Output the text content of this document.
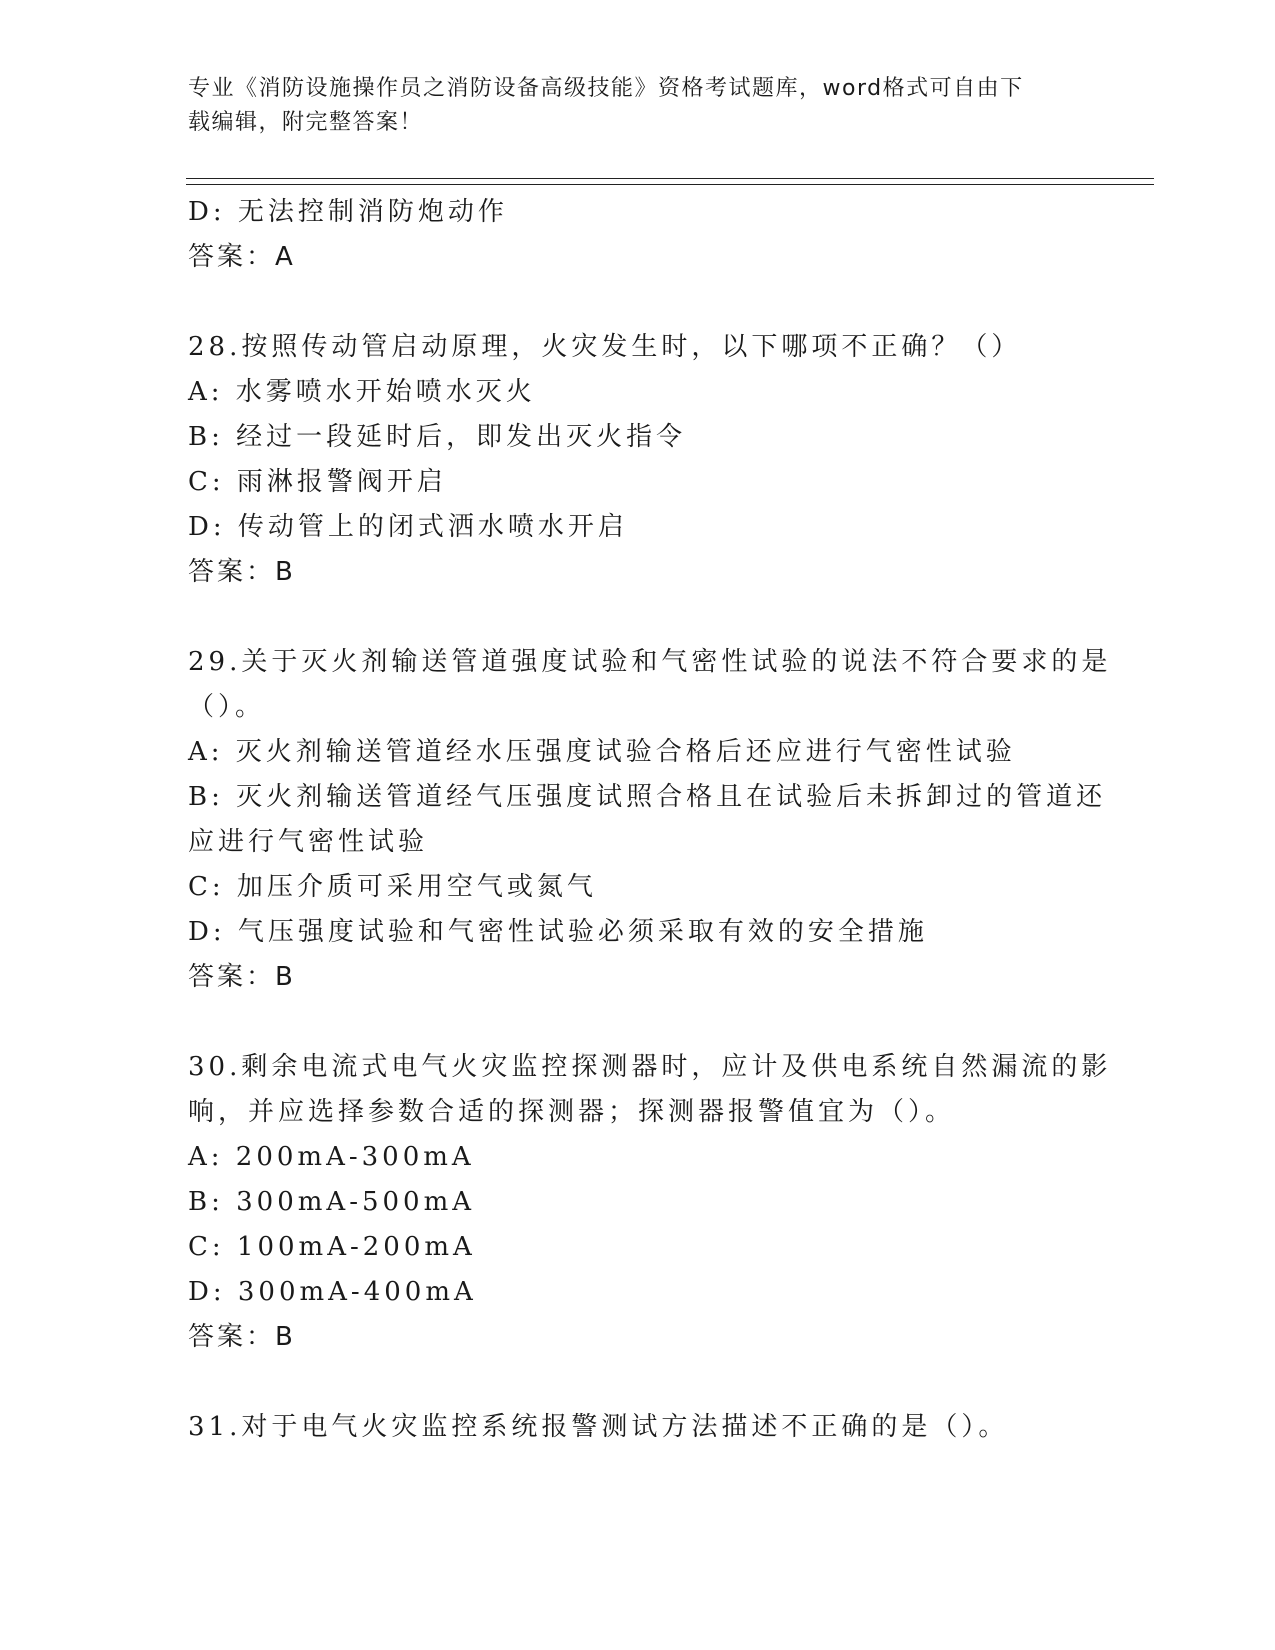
专业《消防设施操作员之消防设备高级技能》资格考试题库，word格式可自由下
载编辑，附完整答案！
D: 无法控制消防炮动作
答案：A
28.按照传动管启动原理，火灾发生时，以下哪项不正确？（）
A: 水雾喷水开始喷水灭火
B: 经过一段延时后，即发出灭火指令
C: 雨淋报警阀开启
D: 传动管上的闭式洒水喷水开启
答案：B
29.关于灭火剂输送管道强度试验和气密性试验的说法不符合要求的是
（）。
A: 灭火剂输送管道经水压强度试验合格后还应进行气密性试验
B: 灭火剂输送管道经气压强度试照合格且在试验后未拆卸过的管道还
应进行气密性试验
C: 加压介质可采用空气或氮气
D: 气压强度试验和气密性试验必须采取有效的安全措施
答案：B
30.剩余电流式电气火灾监控探测器时，应计及供电系统自然漏流的影
响，并应选择参数合适的探测器；探测器报警值宜为（）。
A: 200mA-300mA
B: 300mA-500mA
C: 100mA-200mA
D: 300mA-400mA
答案：B
31.对于电气火灾监控系统报警测试方法描述不正确的是（）。
